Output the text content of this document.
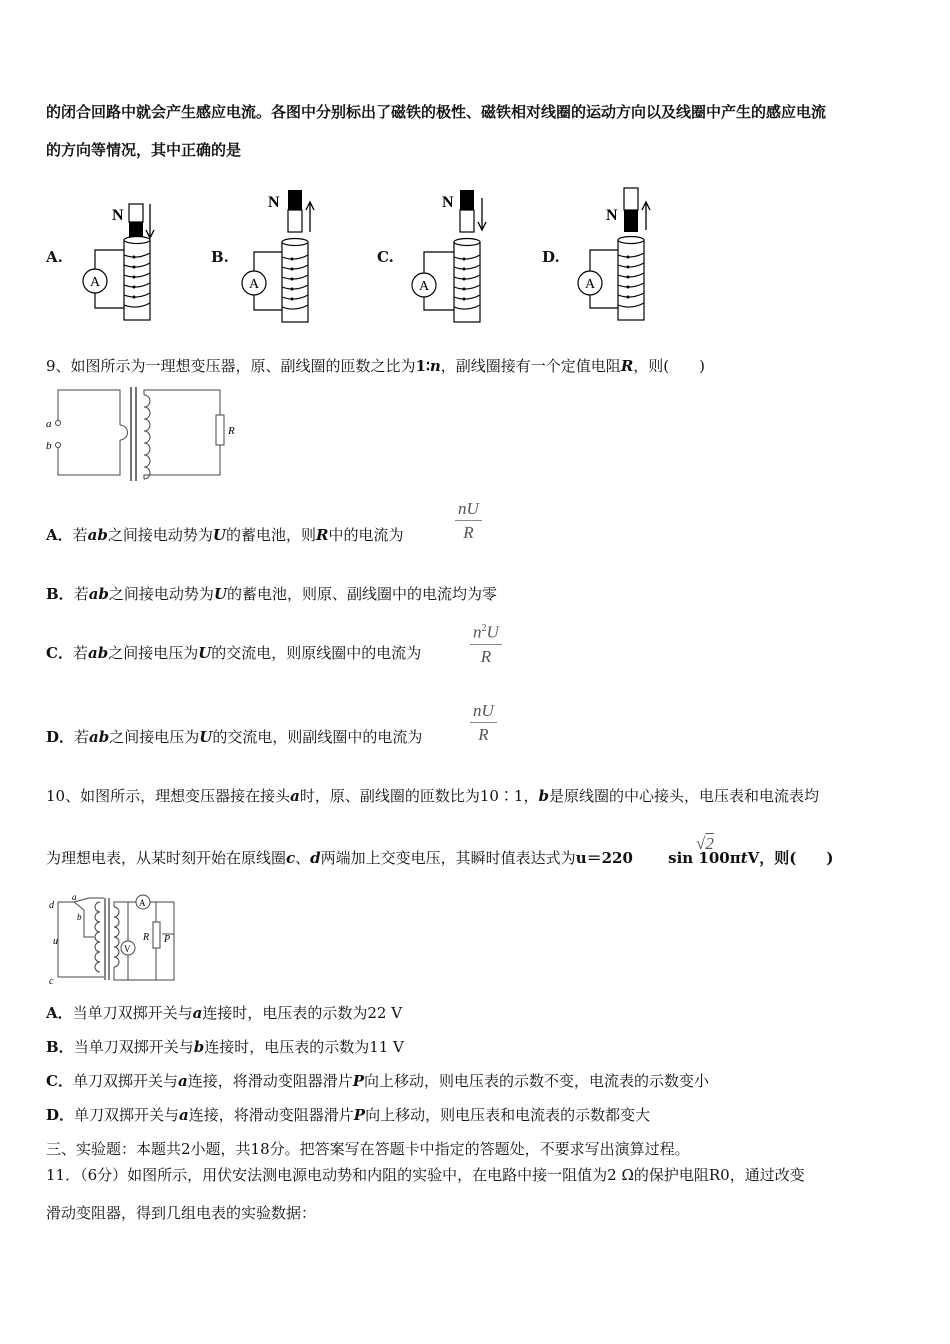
的闭合回路中就会产生感应电流。各图中分别标出了磁铁的极性、磁铁相对线圈的运动方向以及线圈中产生的感应电流
的方向等情况，其中正确的是
A.	B.	C.	D.
N
A
N
A
N
A
N
A
9、如图所示为一理想变压器，原、副线圈的匝数之比为1∶n，副线圈接有一个定值电阻R，则(　　)
a
b
R
A．若ab之间接电动势为U的蓄电池，则R中的电流为	$\frac{nU}{R}$
B．若ab之间接电动势为U的蓄电池，则原、副线圈中的电流均为零
C．若ab之间接电压为U的交流电，则原线圈中的电流为	$\frac{n^2U}{R}$
D．若ab之间接电压为U的交流电，则副线圈中的电流为	$\frac{nU}{R}$
10、如图所示，理想变压器接在接头a时，原、副线圈的匝数比为10∶1，b是原线圈的中心接头，电压表和电流表均
为理想电表，从某时刻开始在原线圈c、d两端加上交变电压，其瞬时值表达式为u＝220 sin 100πtV，则(　　)
√2
d
a
b
u
c
A
V
R P
A．当单刀双掷开关与a连接时，电压表的示数为22 V
B．当单刀双掷开关与b连接时，电压表的示数为11 V
C．单刀双掷开关与a连接，将滑动变阻器滑片P向上移动，则电压表的示数不变，电流表的示数变小
D．单刀双掷开关与a连接，将滑动变阻器滑片P向上移动，则电压表和电流表的示数都变大
三、实验题：本题共2小题，共18分。把答案写在答题卡中指定的答题处，不要求写出演算过程。
11．（6分）如图所示，用伏安法测电源电动势和内阻的实验中，在电路中接一阻值为2 Ω的保护电阻R0，通过改变
滑动变阻器，得到几组电表的实验数据：
